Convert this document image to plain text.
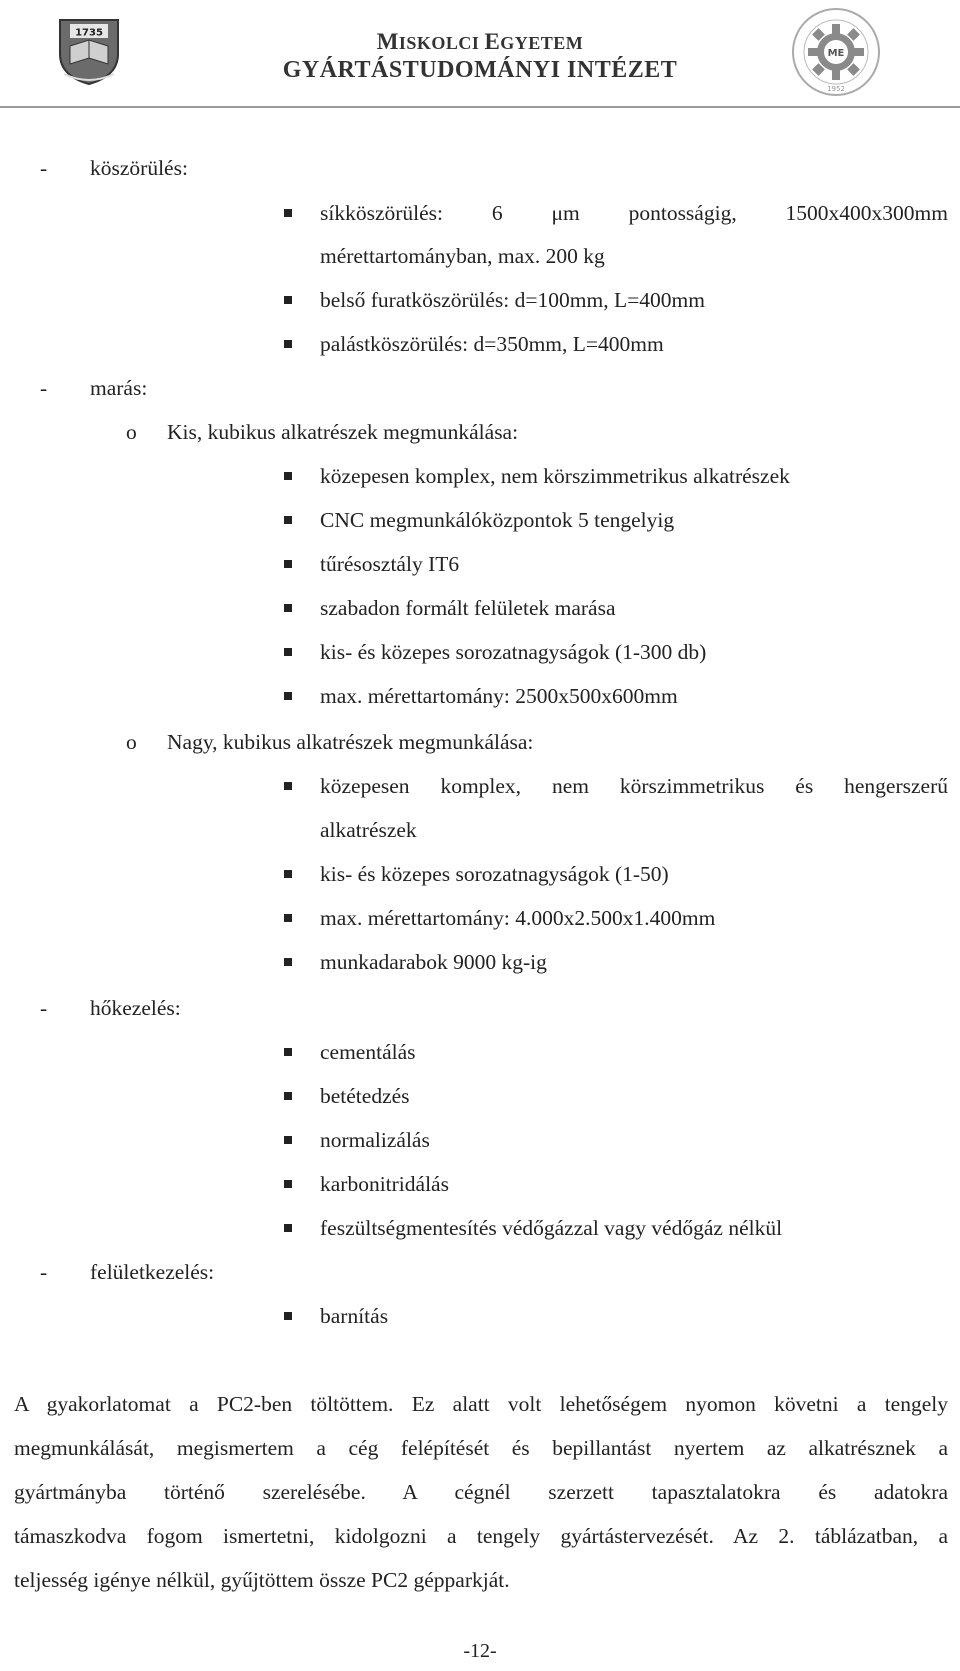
1735	MISKOLCI EGYETEM
GYÁRTÁSTUDOMÁNYI INTÉZET
ME
1952
- köszörülés:
síkköszörülés: 6 μm pontosságig, 1500x400x300mm
mérettartományban, max. 200 kg
belső furatköszörülés: d=100mm, L=400mm
palástköszörülés: d=350mm, L=400mm
- marás:
o Kis, kubikus alkatrészek megmunkálása:
közepesen komplex, nem körszimmetrikus alkatrészek
CNC megmunkálóközpontok 5 tengelyig
tűrésosztály IT6
szabadon formált felületek marása
kis- és közepes sorozatnagyságok (1-300 db)
max. mérettartomány: 2500x500x600mm
o Nagy, kubikus alkatrészek megmunkálása:
közepesen komplex, nem körszimmetrikus és hengerszerű
alkatrészek
kis- és közepes sorozatnagyságok (1-50)
max. mérettartomány: 4.000x2.500x1.400mm
munkadarabok 9000 kg-ig
- hőkezelés:
cementálás
betétedzés
normalizálás
karbonitridálás
feszültségmentesítés védőgázzal vagy védőgáz nélkül
- felületkezelés:
barnítás
A gyakorlatomat a PC2-ben töltöttem. Ez alatt volt lehetőségem nyomon követni a tengely
megmunkálását, megismertem a cég felépítését és bepillantást nyertem az alkatrésznek a
gyártmányba történő szerelésébe. A cégnél szerzett tapasztalatokra és adatokra
támaszkodva fogom ismertetni, kidolgozni a tengely gyártástervezését. Az 2. táblázatban, a
teljesség igénye nélkül, gyűjtöttem össze PC2 gépparkját.
-12-
